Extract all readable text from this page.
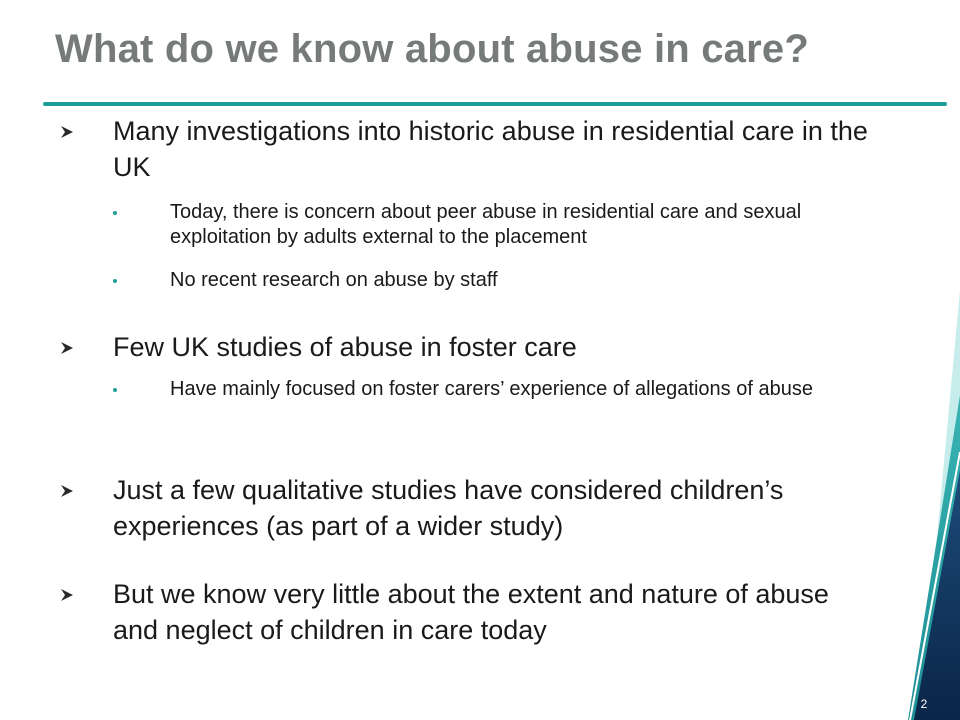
What do we know about abuse in care?
Many investigations into historic abuse in residential care in the UK
Today, there is concern about peer abuse in residential care and sexual exploitation by adults external to the placement
No recent research on abuse by staff
Few UK studies of abuse in foster care
Have mainly focused on foster carers’ experience of allegations of abuse
Just a few qualitative studies have considered children’s experiences (as part of a wider study)
But we know very little about the extent and nature of abuse and neglect of children in care today
2
